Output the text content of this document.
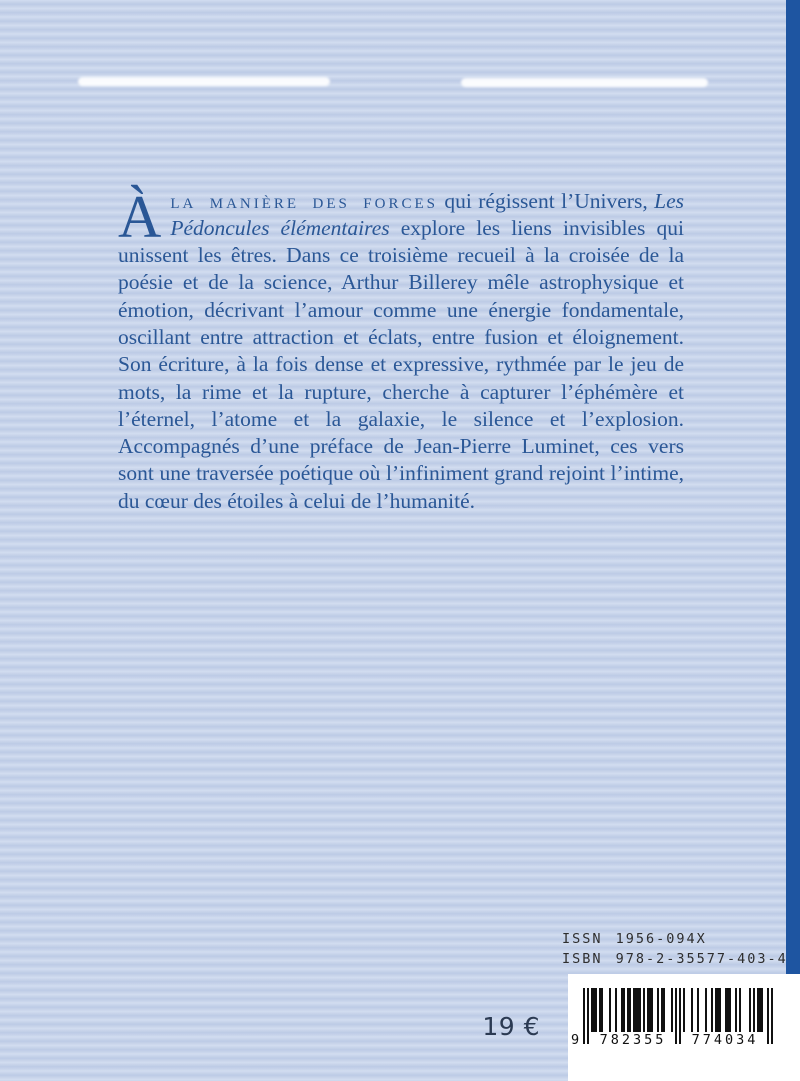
Àla manière des forces qui régissent l’Univers, Les Pédoncules élémentaires explore les liens invisibles qui unissent les êtres. Dans ce troisième recueil à la croisée de la poésie et de la science, Arthur Billerey mêle astrophysique et émotion, décrivant l’amour comme une énergie fondamentale, oscillant entre attraction et éclats, entre fusion et éloignement. Son écriture, à la fois dense et expressive, rythmée par le jeu de mots, la rime et la rupture, cherche à capturer l’éphémère et l’éternel, l’atome et la galaxie, le silence et l’explosion. Accompagnés d’une préface de Jean-Pierre Luminet, ces vers sont une traversée poétique où l’infiniment grand rejoint l’intime, du cœur des étoiles à celui de l’humanité.

ISSN 1956-094X
ISBN 978-2-35577-403-4
19 € 9	782355	774034
